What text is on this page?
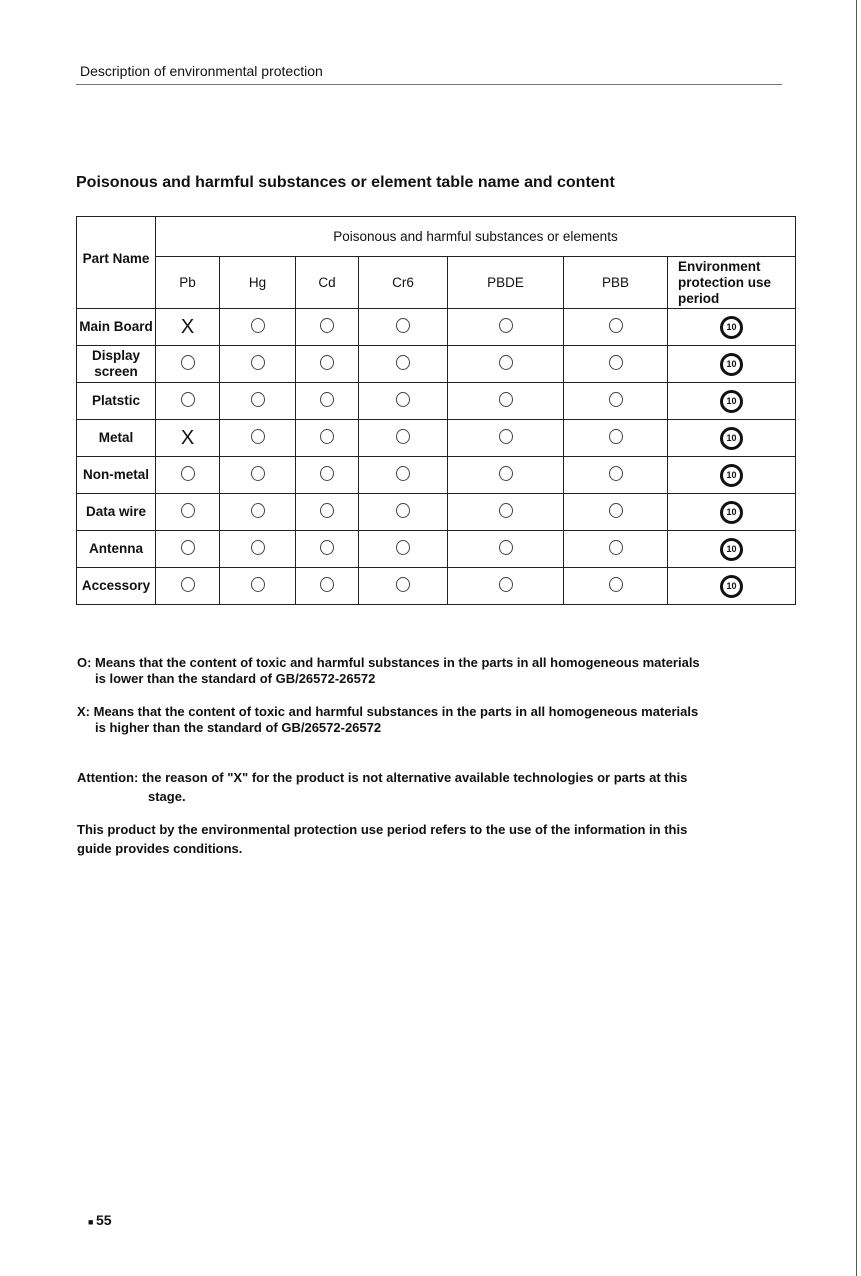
Description of environmental protection
Poisonous and harmful substances or element table name and content
Part Name	Poisonous and harmful substances or elements						
	Pb	Hg	Cd	Cr6	PBDE	PBB	Environment protection use period
Main Board	X						10
Display screen							10
Platstic							10
Metal	X						10
Non-metal							10
Data wire							10
Antenna							10
Accessory							10
O: Means that the content of toxic and harmful substances in the parts in all homogeneous materials
is lower than the standard of GB/26572-26572
X: Means that the content of toxic and harmful substances in the parts in all homogeneous materials
is higher than the standard of GB/26572-26572
Attention: the reason of "X" for the product is not alternative available technologies or parts at this
stage.
This product by the environmental protection use period refers to the use of the information in this
guide provides conditions.
■ 55
